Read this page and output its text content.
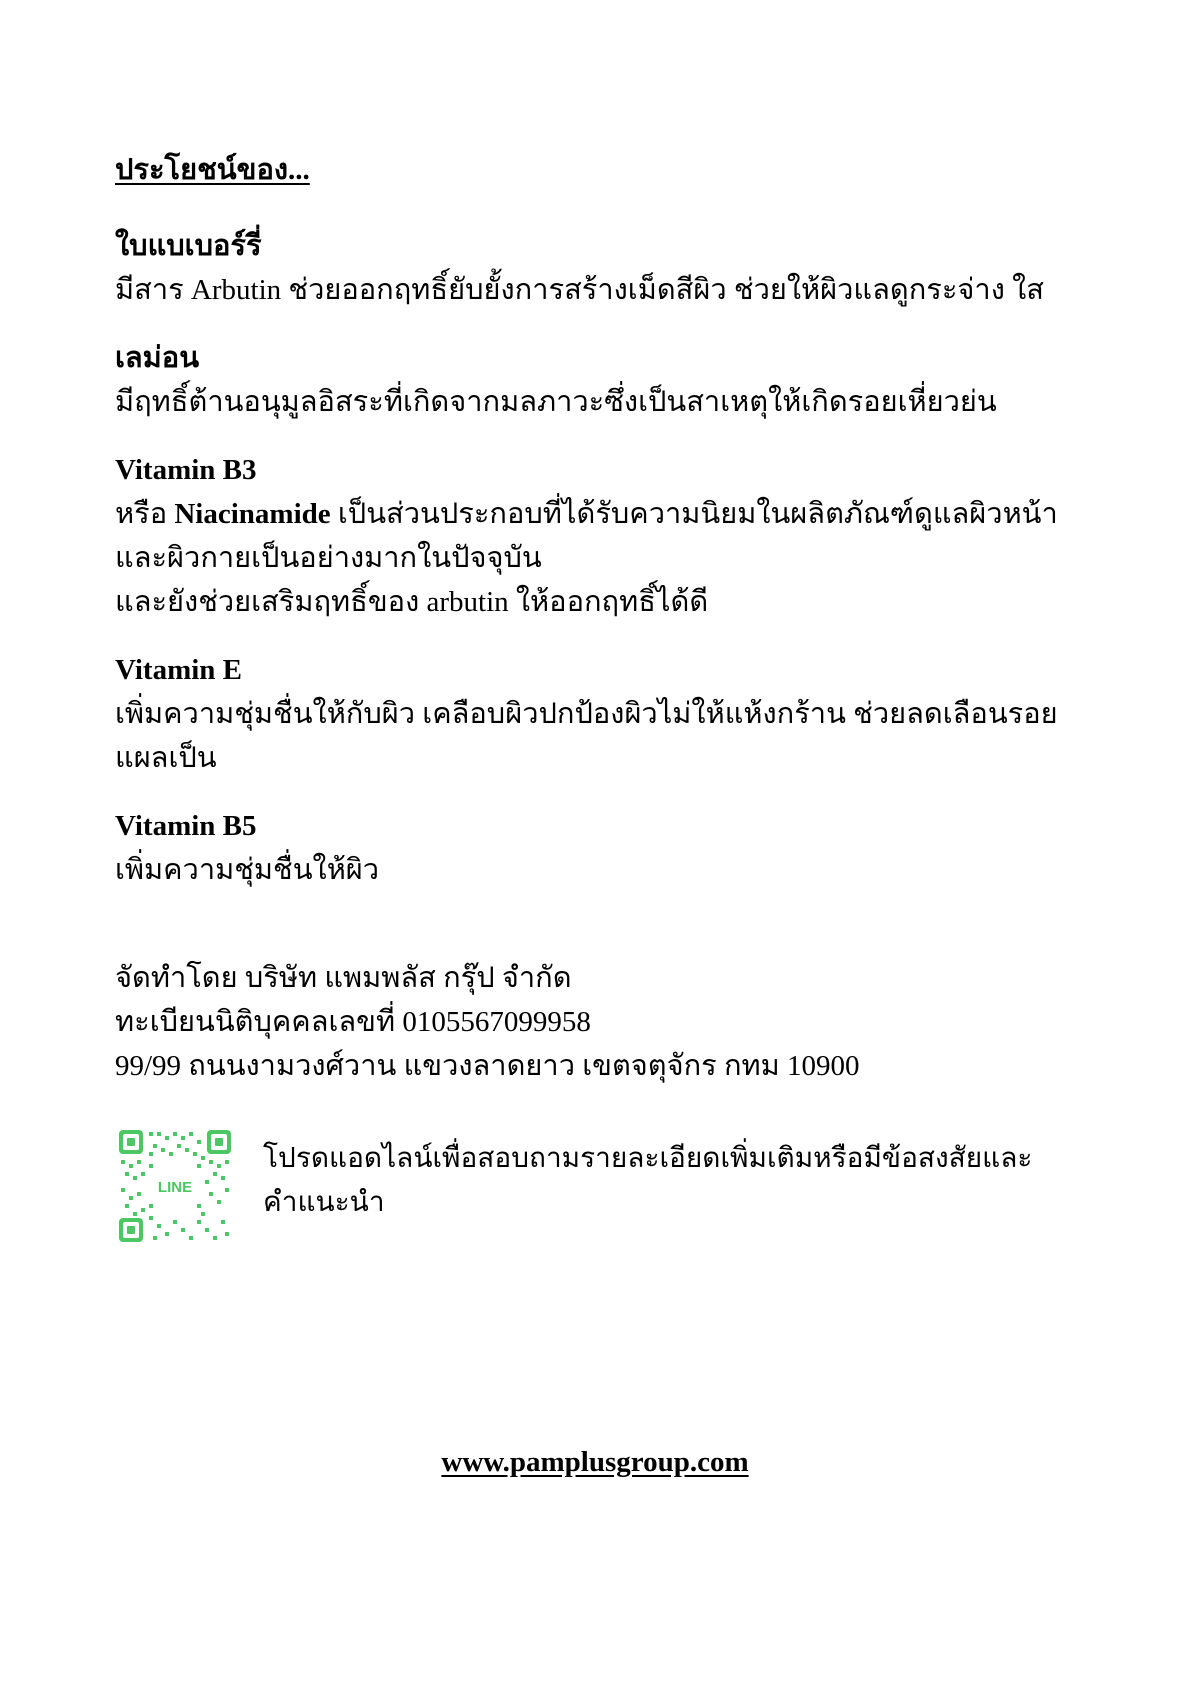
ประโยชน์ของ...
ใบแบเบอร์รี่

มีสาร Arbutin ช่วยออกฤทธิ์ยับยั้งการสร้างเม็ดสีผิว ช่วยให้ผิวแลดูกระจ่าง ใส

เลม่อน

มีฤทธิ์ต้านอนุมูลอิสระที่เกิดจากมลภาวะซึ่งเป็นสาเหตุให้เกิดรอยเหี่ยวย่น

Vitamin B3

หรือ Niacinamide เป็นส่วนประกอบที่ได้รับความนิยมในผลิตภัณฑ์ดูแลผิวหน้า และผิวกายเป็นอย่างมากในปัจจุบัน

และยังช่วยเสริมฤทธิ์ของ arbutin ให้ออกฤทธิ์ได้ดี

Vitamin E

เพิ่มความชุ่มชื่นให้กับผิว เคลือบผิวปกป้องผิวไม่ให้แห้งกร้าน ช่วยลดเลือนรอยแผลเป็น

Vitamin B5

เพิ่มความชุ่มชื่นให้ผิว

จัดทำโดย บริษัท แพมพลัส กรุ๊ป จำกัด

ทะเบียนนิติบุคคลเลขที่ 0105567099958

99/99 ถนนงามวงศ์วาน แขวงลาดยาว เขตจตุจักร กทม 10900

LINE
โปรดแอดไลน์เพื่อสอบถามรายละเอียดเพิ่มเติมหรือมีข้อสงสัยและคำแนะนำ
www.pamplusgroup.com
